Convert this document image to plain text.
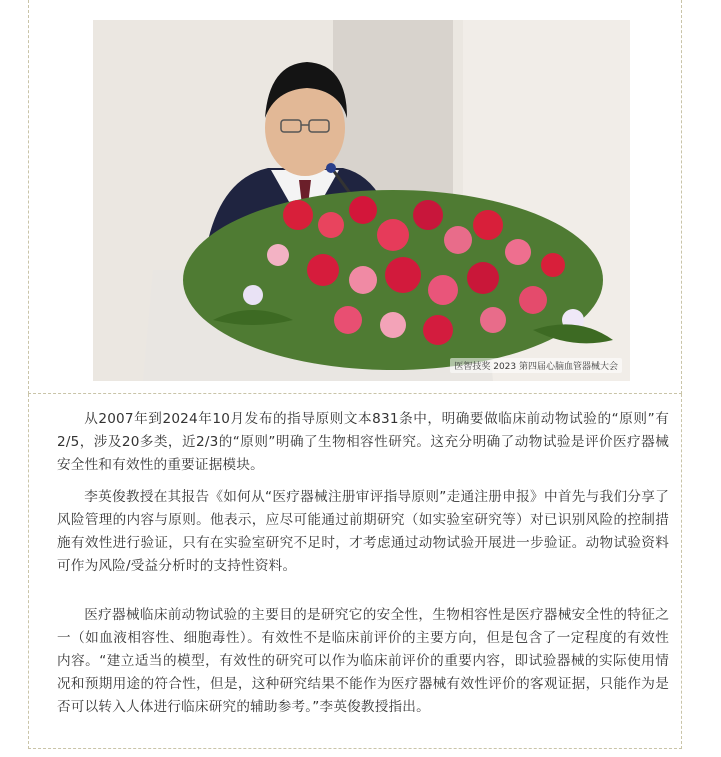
医智技奖 2023 第四届心脑血管器械大会

从2007年到2024年10月发布的指导原则文本831条中，明确要做临床前动物试验的“原则”有2/5，涉及20多类，近2/3的“原则”明确了生物相容性研究。这充分明确了动物试验是评价医疗器械安全性和有效性的重要证据模块。

李英俊教授在其报告《如何从“医疗器械注册审评指导原则”走通注册申报》中首先与我们分享了风险管理的内容与原则。他表示，应尽可能通过前期研究（如实验室研究等）对已识别风险的控制措施有效性进行验证，只有在实验室研究不足时，才考虑通过动物试验开展进一步验证。动物试验资料可作为风险/受益分析时的支持性资料。

医疗器械临床前动物试验的主要目的是研究它的安全性，生物相容性是医疗器械安全性的特征之一（如血液相容性、细胞毒性）。有效性不是临床前评价的主要方向，但是包含了一定程度的有效性内容。“建立适当的模型，有效性的研究可以作为临床前评价的重要内容，即试验器械的实际使用情况和预期用途的符合性，但是，这种研究结果不能作为医疗器械有效性评价的客观证据，只能作为是否可以转入人体进行临床研究的辅助参考。”李英俊教授指出。
